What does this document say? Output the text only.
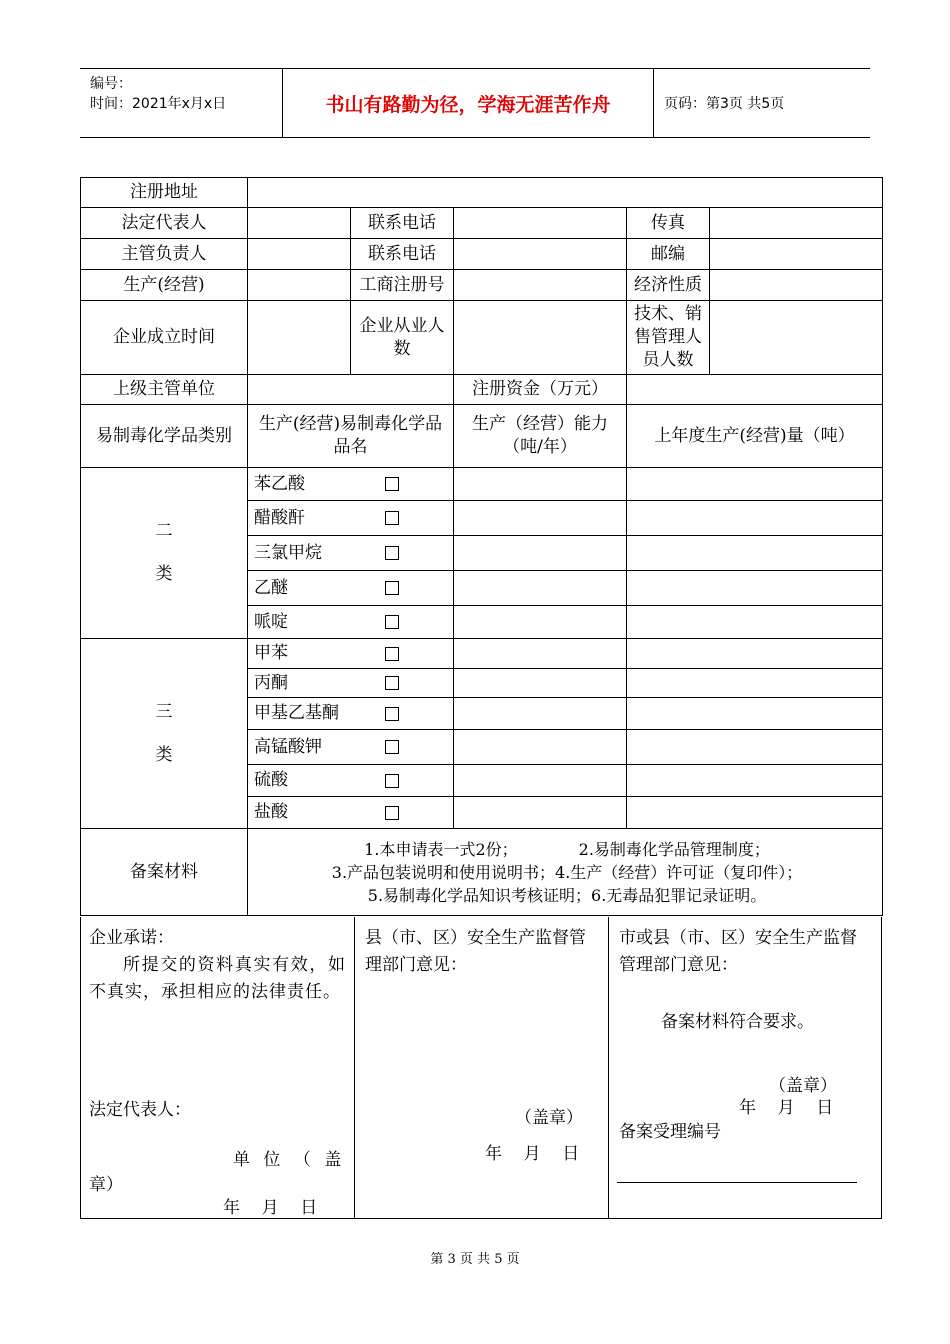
编号：
时间：2021年x月x日	书山有路勤为径，学海无涯苦作舟	页码：第3页 共5页
注册地址					
法定代表人		联系电话		传真	
主管负责人		联系电话		邮编	
生产(经营)		工商注册号		经济性质	
企业成立时间		企业从业人数		技术、销售管理人员人数	
上级主管单位			注册资金（万元）		
易制毒化学品类别	生产(经营)易制毒化学品品名		生产（经营）能力（吨/年）	上年度生产(经营)量（吨）	

二
类	苯乙酸				

	醋酸酐				

	三氯甲烷				

	乙醚				

	哌啶				

三
类	甲苯				

	丙酮				

	甲基乙基酮				

	高锰酸钾				

	硫酸				

	盐酸				

备案材料	1.本申请表一式2份；            2.易制毒化学品管理制度；
3.产品包装说明和使用说明书；4.生产（经营）许可证（复印件）；
5.易制毒化学品知识考核证明；6.无毒品犯罪记录证明。				
企业承诺：
所提交的资料真实有效，如不真实，承担相应的法律责任。
法定代表人：
单 位 （ 盖
章）
年    月    日
县（市、区）安全生产监督管理部门意见：
（盖章）
年    月    日
市或县（市、区）安全生产监督管理部门意见：
备案材料符合要求。
（盖章）
年    月    日
备案受理编号
第 3 页 共 5 页
